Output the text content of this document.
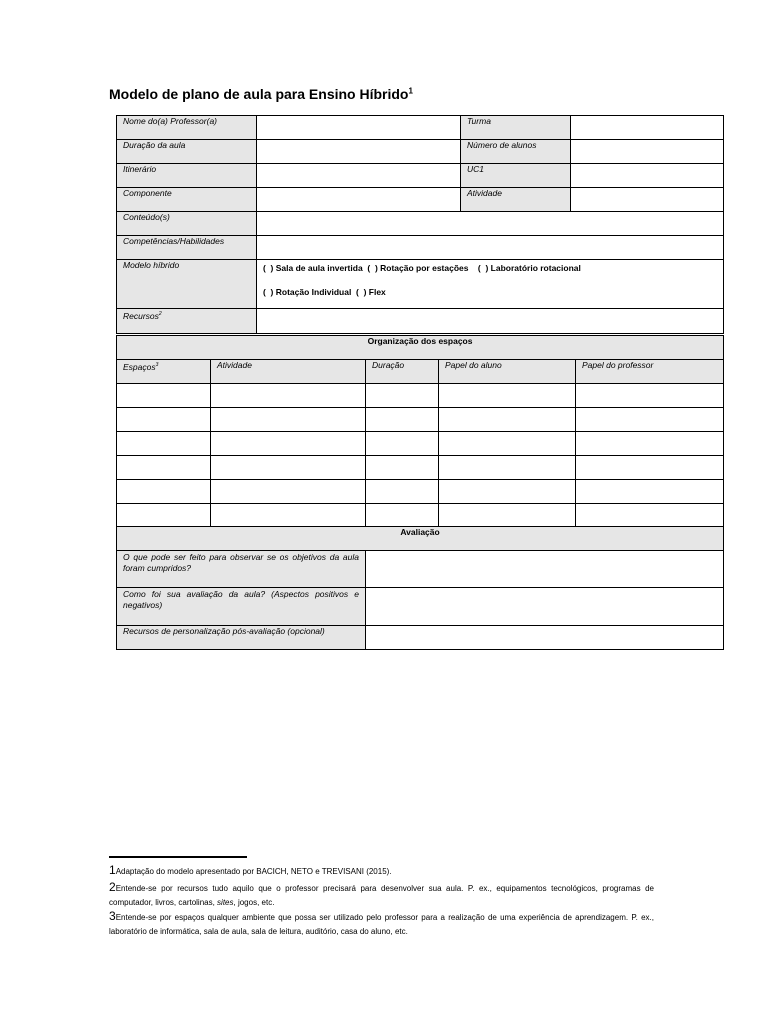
Modelo de plano de aula para Ensino Híbrido$^1$
Nome do(a) Professor(a)		Turma	
Duração da aula		Número de alunos	
Itinerário		UC1	
Componente		Atividade	
Conteúdo(s)			
Competências/Habilidades			
Modelo híbrido	(  ) Sala de aula invertida  (  ) Rotação por estações    (  ) Laboratório rotacional
(  ) Rotação Individual  (  ) Flex		

Recursos$^2$	
Organização dos espaços				
Espaços$^3$	Atividade	Duração	Papel do aluno	Papel do professor

Avaliação	
O que pode ser feito para observar se os objetivos da aula foram cumpridos?	
Como foi sua avaliação da aula? (Aspectos positivos e negativos)	
Recursos de personalização pós-avaliação (opcional)	
1Adaptação do modelo apresentado por BACICH, NETO e TREVISANI (2015).
2Entende-se por recursos tudo aquilo que o professor precisará para desenvolver sua aula. P. ex., equipamentos tecnológicos, programas de computador, livros, cartolinas, sites, jogos, etc.
3Entende-se por espaços qualquer ambiente que possa ser utilizado pelo professor para a realização de uma experiência de aprendizagem. P. ex., laboratório de informática, sala de aula, sala de leitura, auditório, casa do aluno, etc.
